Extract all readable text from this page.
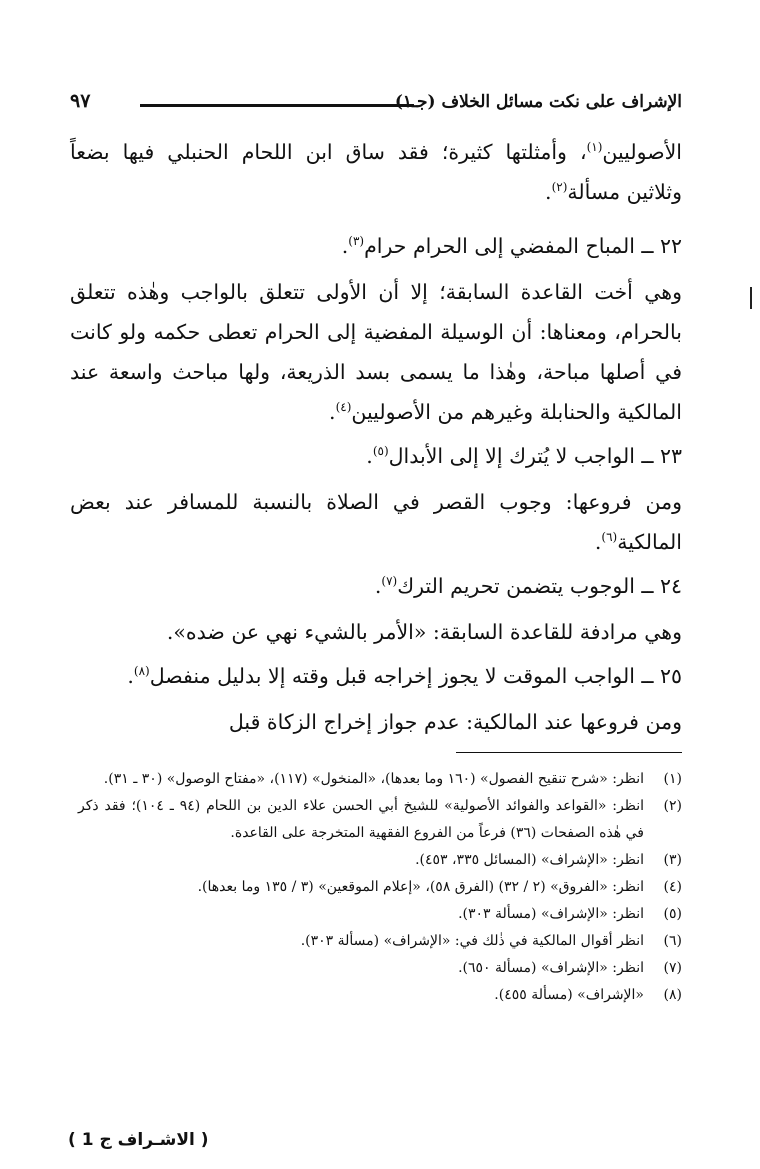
الإشراف على نكت مسائل الخلاف (جـ١)
٩٧

الأصوليين$^{(١)}$، وأمثلتها كثيرة؛ فقد ساق ابن اللحام الحنبلي فيها بضعاً وثلاثين مسألة$^{(٢)}$.

٢٢ ــ المباح المفضي إلى الحرام حرام$^{(٣)}$.

وهي أخت القاعدة السابقة؛ إلا أن الأولى تتعلق بالواجب وهٰذه تتعلق بالحرام، ومعناها: أن الوسيلة المفضية إلى الحرام تعطى حكمه ولو كانت في أصلها مباحة، وهٰذا ما يسمى بسد الذريعة، ولها مباحث واسعة عند المالكية والحنابلة وغيرهم من الأصوليين$^{(٤)}$.

٢٣ ــ الواجب لا يُترك إلا إلى الأبدال$^{(٥)}$.

ومن فروعها: وجوب القصر في الصلاة بالنسبة للمسافر عند بعض المالكية$^{(٦)}$.

٢٤ ــ الوجوب يتضمن تحريم الترك$^{(٧)}$.

وهي مرادفة للقاعدة السابقة: «الأمر بالشيء نهي عن ضده».

٢٥ ــ الواجب الموقت لا يجوز إخراجه قبل وقته إلا بدليل منفصل$^{(٨)}$.

ومن فروعها عند المالكية: عدم جواز إخراج الزكاة قبل

(١)
انظر: «شرح تنقيح الفصول» (١٦٠ وما بعدها)، «المنخول» (١١٧)، «مفتاح الوصول» (٣٠ ـ ٣١).
(٢)
انظر: «القواعد والفوائد الأصولية» للشيخ أبي الحسن علاء الدين بن اللحام (٩٤ ـ ١٠٤)؛ فقد ذكر في هٰذه الصفحات (٣٦) فرعاً من الفروع الفقهية المتخرجة على القاعدة.
(٣)
انظر: «الإشراف» (المسائل ٣٣٥، ٤٥٣).
(٤)
انظر: «الفروق» (٢ / ٣٢) (الفرق ٥٨)، «إعلام الموقعين» (٣ / ١٣٥ وما بعدها).
(٥)
انظر: «الإشراف» (مسألة ٣٠٣).
(٦)
انظر أقوال المالكية في ذٰلك في: «الإشراف» (مسألة ٣٠٣).
(٧)
انظر: «الإشراف» (مسألة ٦٥٠).
(٨)
«الإشراف» (مسألة ٤٥٥).
( الاشـراف ج 1 )
